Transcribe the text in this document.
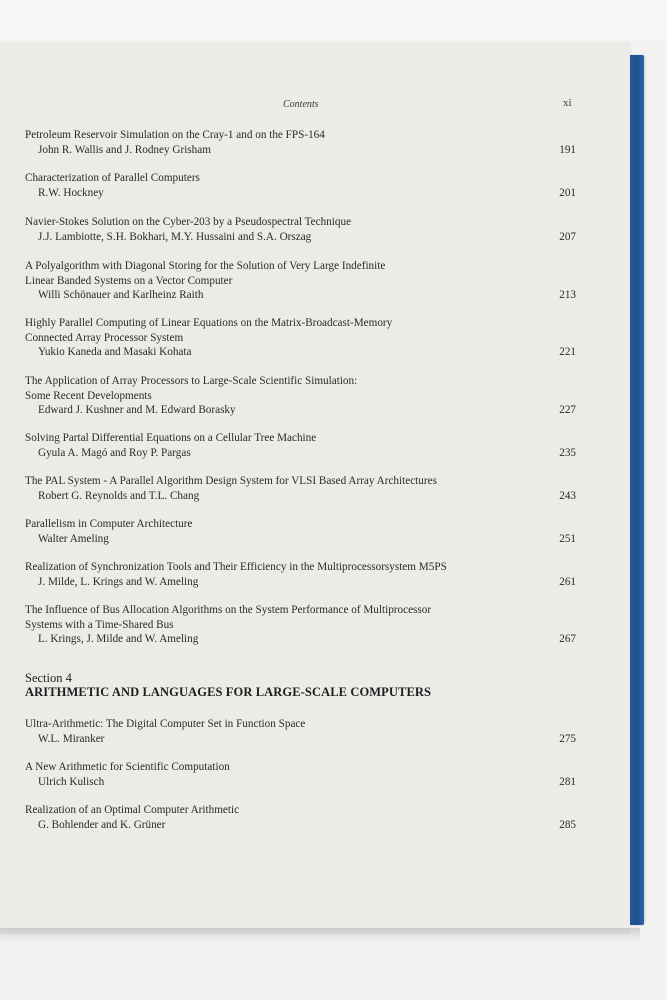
Contents	xi
Petroleum Reservoir Simulation on the Cray-1 and on the FPS-164
John R. Wallis and J. Rodney Grisham	191
Characterization of Parallel Computers
R.W. Hockney	201
Navier-Stokes Solution on the Cyber-203 by a Pseudospectral Technique
J.J. Lambiotte, S.H. Bokhari, M.Y. Hussaini and S.A. Orszag	207
A Polyalgorithm with Diagonal Storing for the Solution of Very Large Indefinite
Linear Banded Systems on a Vector Computer
Willi Schönauer and Karlheinz Raith	213
Highly Parallel Computing of Linear Equations on the Matrix-Broadcast-Memory
Connected Array Processor System
Yukio Kaneda and Masaki Kohata	221
The Application of Array Processors to Large-Scale Scientific Simulation:
Some Recent Developments
Edward J. Kushner and M. Edward Borasky	227
Solving Partal Differential Equations on a Cellular Tree Machine
Gyula A. Magó and Roy P. Pargas	235
The PAL System - A Parallel Algorithm Design System for VLSI Based Array Architectures
Robert G. Reynolds and T.L. Chang	243
Parallelism in Computer Architecture
Walter Ameling	251
Realization of Synchronization Tools and Their Efficiency in the Multiprocessorsystem M5PS
J. Milde, L. Krings and W. Ameling	261
The Influence of Bus Allocation Algorithms on the System Performance of Multiprocessor
Systems with a Time-Shared Bus
L. Krings, J. Milde and W. Ameling	267
Section 4
ARITHMETIC AND LANGUAGES FOR LARGE-SCALE COMPUTERS
Ultra-Arithmetic: The Digital Computer Set in Function Space
W.L. Miranker	275
A New Arithmetic for Scientific Computation
Ulrich Kulisch	281
Realization of an Optimal Computer Arithmetic
G. Bohlender and K. Grüner	285
